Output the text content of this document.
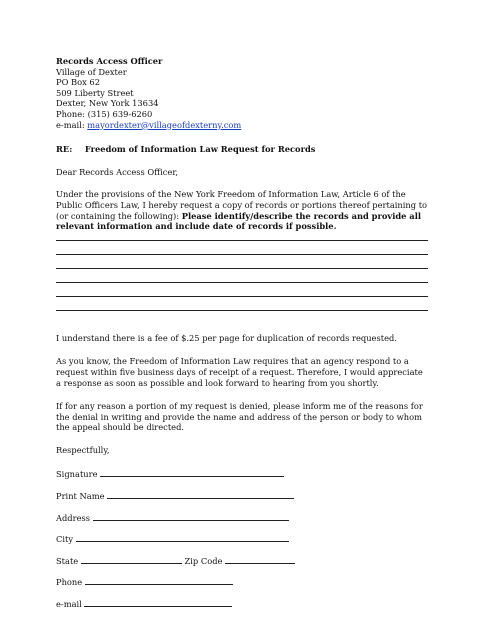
Records Access Officer
Village of Dexter
PO Box 62
509 Liberty Street
Dexter, New York 13634
Phone: (315) 639-6260
e-mail: mayordexter@villageofdexterny.com
RE: Freedom of Information Law Request for Records

Dear Records Access Officer,

Under the provisions of the New York Freedom of Information Law, Article 6 of the Public Officers Law, I hereby request a copy of records or portions thereof pertaining to (or containing the following): Please identify/describe the records and provide all relevant information and include date of records if possible.

I understand there is a fee of $.25 per page for duplication of records requested.

As you know, the Freedom of Information Law requires that an agency respond to a request within five business days of receipt of a request. Therefore, I would appreciate a response as soon as possible and look forward to hearing from you shortly.

If for any reason a portion of my request is denied, please inform me of the reasons for the denial in writing and provide the name and address of the person or body to whom the appeal should be directed.

Respectfully,

Signature
Print Name
Address
City
State	Zip Code
Phone
e-mail
